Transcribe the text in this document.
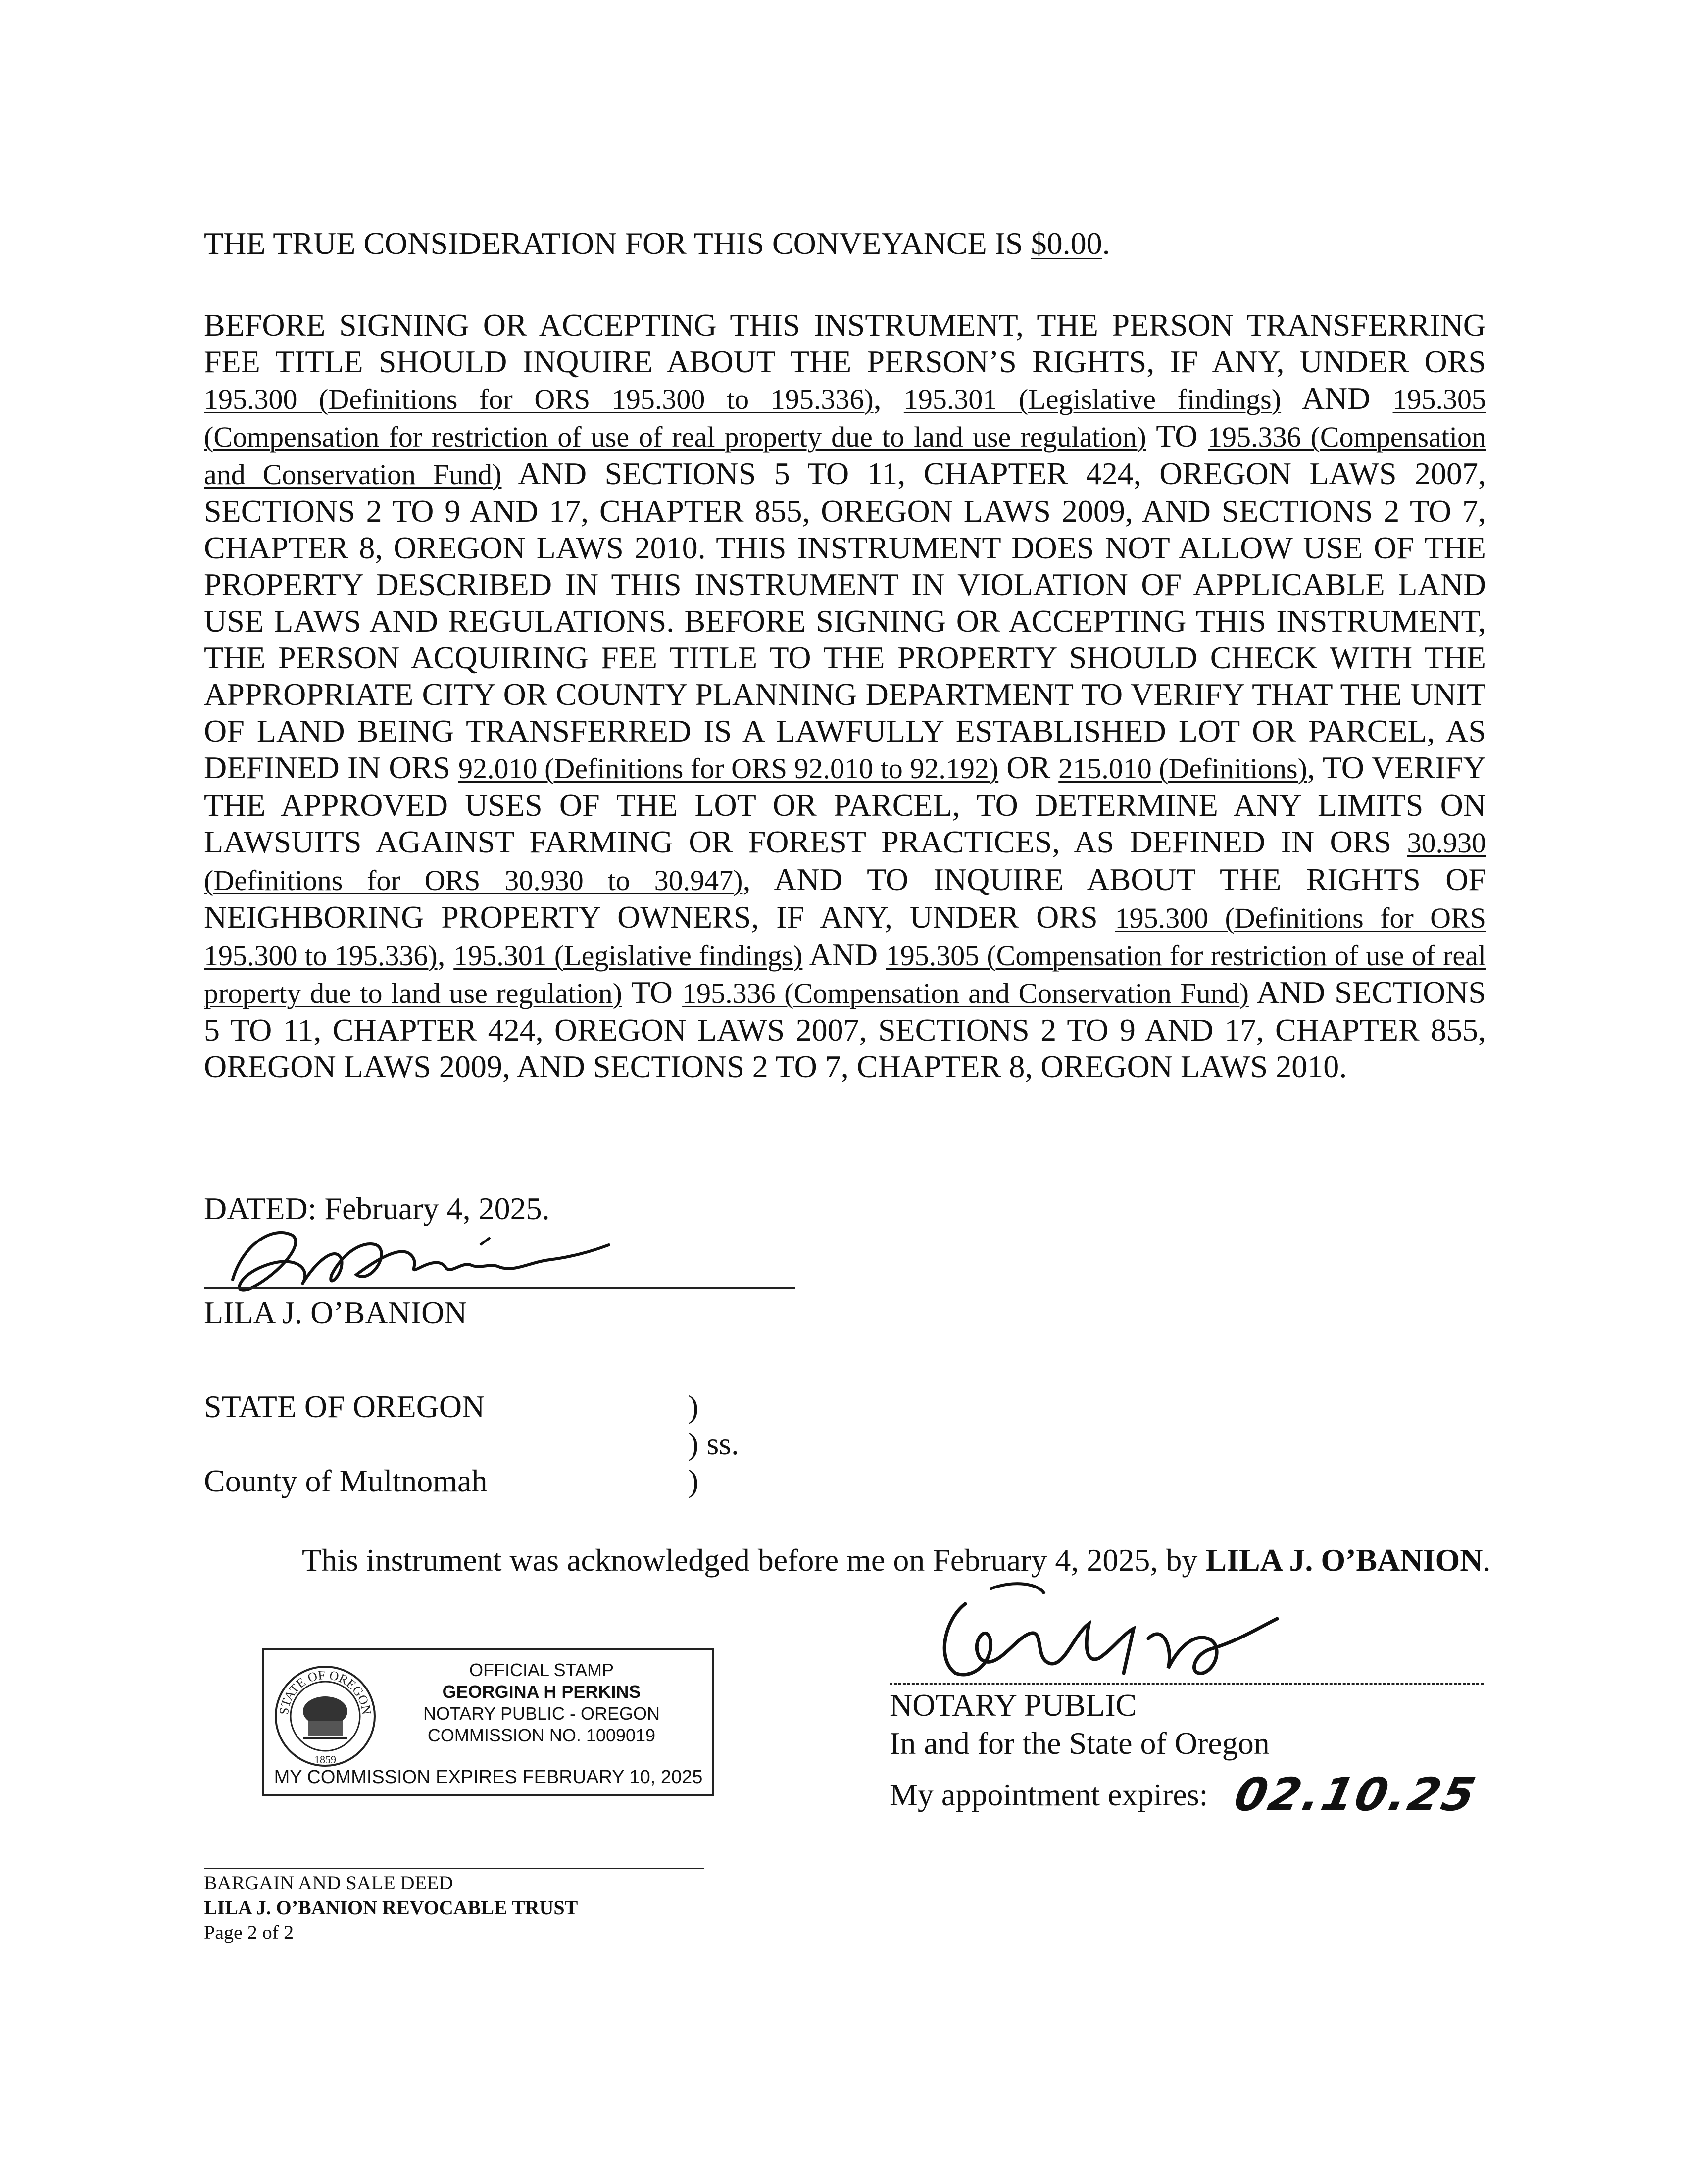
THE TRUE CONSIDERATION FOR THIS CONVEYANCE IS $0.00.
BEFORE SIGNING OR ACCEPTING THIS INSTRUMENT, THE PERSON TRANSFERRING FEE TITLE SHOULD INQUIRE ABOUT THE PERSON’S RIGHTS, IF ANY, UNDER ORS 195.300 (Definitions for ORS 195.300 to 195.336), 195.301 (Legislative findings) AND 195.305 (Compensation for restriction of use of real property due to land use regulation) TO 195.336 (Compensation and Conservation Fund) AND SECTIONS 5 TO 11, CHAPTER 424, OREGON LAWS 2007, SECTIONS 2 TO 9 AND 17, CHAPTER 855, OREGON LAWS 2009, AND SECTIONS 2 TO 7, CHAPTER 8, OREGON LAWS 2010. THIS INSTRUMENT DOES NOT ALLOW USE OF THE PROPERTY DESCRIBED IN THIS INSTRUMENT IN VIOLATION OF APPLICABLE LAND USE LAWS AND REGULATIONS. BEFORE SIGNING OR ACCEPTING THIS INSTRUMENT, THE PERSON ACQUIRING FEE TITLE TO THE PROPERTY SHOULD CHECK WITH THE APPROPRIATE CITY OR COUNTY PLANNING DEPARTMENT TO VERIFY THAT THE UNIT OF LAND BEING TRANSFERRED IS A LAWFULLY ESTABLISHED LOT OR PARCEL, AS DEFINED IN ORS 92.010 (Definitions for ORS 92.010 to 92.192) OR 215.010 (Definitions), TO VERIFY THE APPROVED USES OF THE LOT OR PARCEL, TO DETERMINE ANY LIMITS ON LAWSUITS AGAINST FARMING OR FOREST PRACTICES, AS DEFINED IN ORS 30.930 (Definitions for ORS 30.930 to 30.947), AND TO INQUIRE ABOUT THE RIGHTS OF NEIGHBORING PROPERTY OWNERS, IF ANY, UNDER ORS 195.300 (Definitions for ORS 195.300 to 195.336), 195.301 (Legislative findings) AND 195.305 (Compensation for restriction of use of real property due to land use regulation) TO 195.336 (Compensation and Conservation Fund) AND SECTIONS 5 TO 11, CHAPTER 424, OREGON LAWS 2007, SECTIONS 2 TO 9 AND 17, CHAPTER 855, OREGON LAWS 2009, AND SECTIONS 2 TO 7, CHAPTER 8, OREGON LAWS 2010.
DATED: February 4, 2025.
LILA J. O’BANION
STATE OF OREGON	)
) ss.
)
County of Multnomah
This instrument was acknowledged before me on February 4, 2025, by LILA J. O’BANION.
STATE OF OREGON
1859
OFFICIAL STAMP
GEORGINA H PERKINS
NOTARY PUBLIC - OREGON
COMMISSION NO. 1009019
MY COMMISSION EXPIRES FEBRUARY 10, 2025
NOTARY PUBLIC
In and for the State of Oregon
My appointment expires: 02.10.25
BARGAIN AND SALE DEED
LILA J. O’BANION REVOCABLE TRUST
Page 2 of 2
